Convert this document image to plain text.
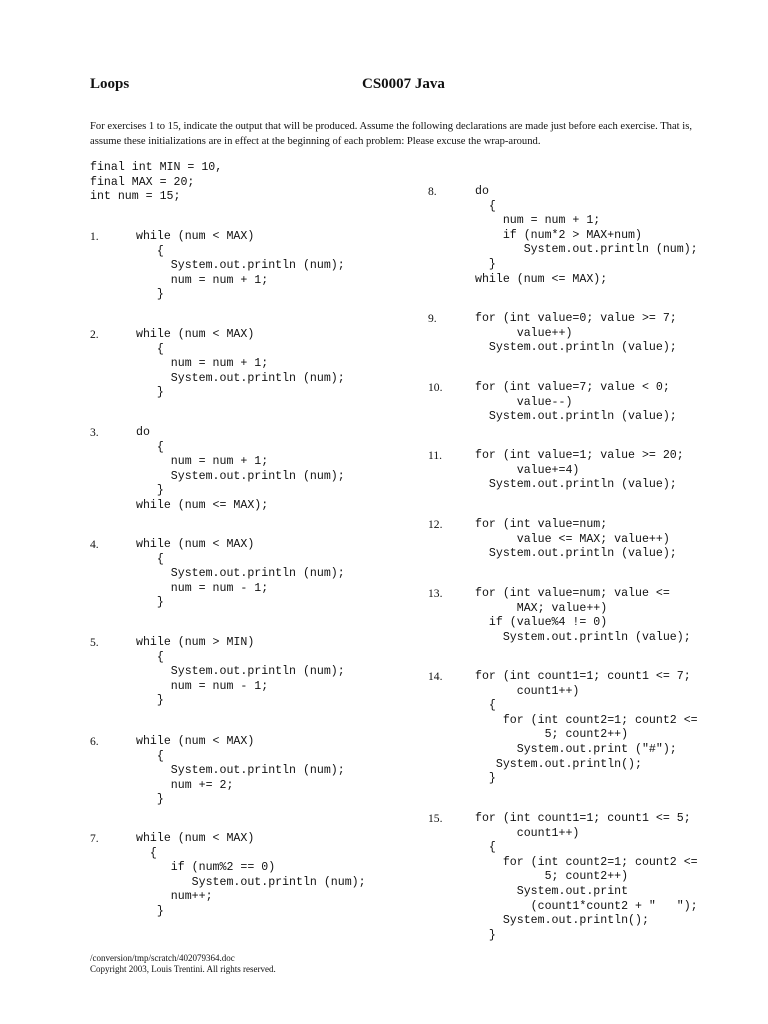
Loops	CS0007 Java
For exercises 1 to 15, indicate the output that will be produced. Assume the following declarations are made just before each exercise. That is, assume these initializations are in effect at the beginning of each problem: Please excuse the wrap-around.
final int MIN = 10,
final MAX = 20;
int num = 15;
1.	while (num < MAX)
{
System.out.println (num);
num = num + 1;
}
2.	while (num < MAX)
{
num = num + 1;
System.out.println (num);
}
3.	do
{
num = num + 1;
System.out.println (num);
}
while (num <= MAX);
4.	while (num < MAX)
{
System.out.println (num);
num = num - 1;
}
5.	while (num > MIN)
{
System.out.println (num);
num = num - 1;
}
6.	while (num < MAX)
{
System.out.println (num);
num += 2;
}
7.	while (num < MAX)
{
if (num%2 == 0)
System.out.println (num);
num++;
}
8.	do
{
num = num + 1;
if (num*2 > MAX+num)
System.out.println (num);
}
while (num <= MAX);
9.	for (int value=0; value >= 7;
value++)
System.out.println (value);
10.	for (int value=7; value < 0;
value--)
System.out.println (value);
11.	for (int value=1; value >= 20;
value+=4)
System.out.println (value);
12.	for (int value=num;
value <= MAX; value++)
System.out.println (value);
13.	for (int value=num; value <=
MAX; value++)
if (value%4 != 0)
System.out.println (value);
14.	for (int count1=1; count1 <= 7;
count1++)
{
for (int count2=1; count2 <=
5; count2++)
System.out.print ("#");
System.out.println();
}
15.	for (int count1=1; count1 <= 5;
count1++)
{
for (int count2=1; count2 <=
5; count2++)
System.out.print
(count1*count2 + "   ");
System.out.println();
}
/conversion/tmp/scratch/402079364.doc
Copyright 2003, Louis Trentini. All rights reserved.
